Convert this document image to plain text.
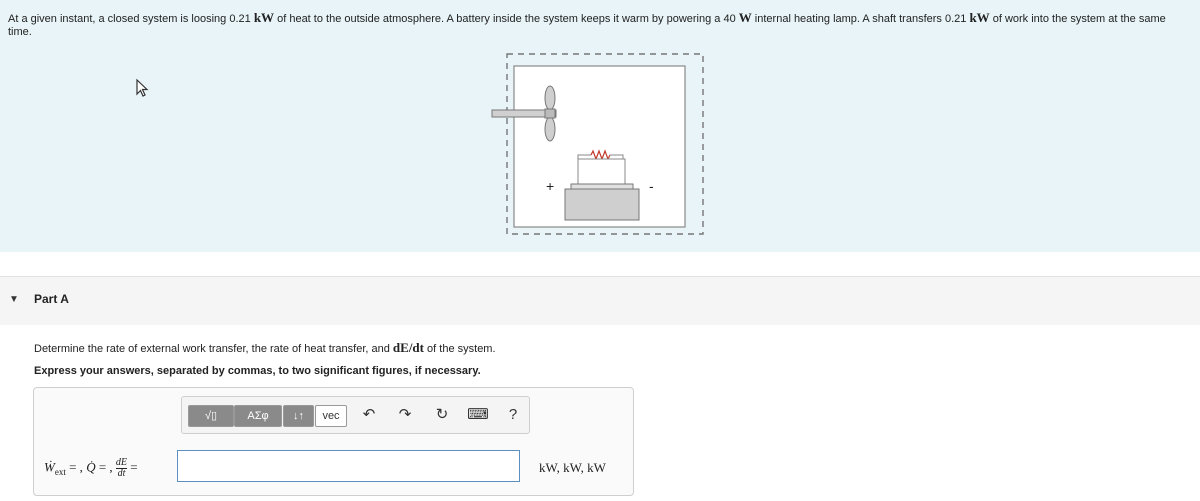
At a given instant, a closed system is loosing 0.21 kW of heat to the outside atmosphere. A battery inside the system keeps it warm by powering a 40 W internal heating lamp. A shaft transfers 0.21 kW of work into the system at the same time.
+	-
▼ Part A
Determine the rate of external work transfer, the rate of heat transfer, and dE/dt of the system.
Express your answers, separated by commas, to two significant figures, if necessary.
√▯	ΑΣφ	↓↑	vec	↶	↷	↻	⌨	?
Ẇ$_{ext}$ = , Q̇ = , $\frac{dE}{dt}$ =	kW, kW, kW
